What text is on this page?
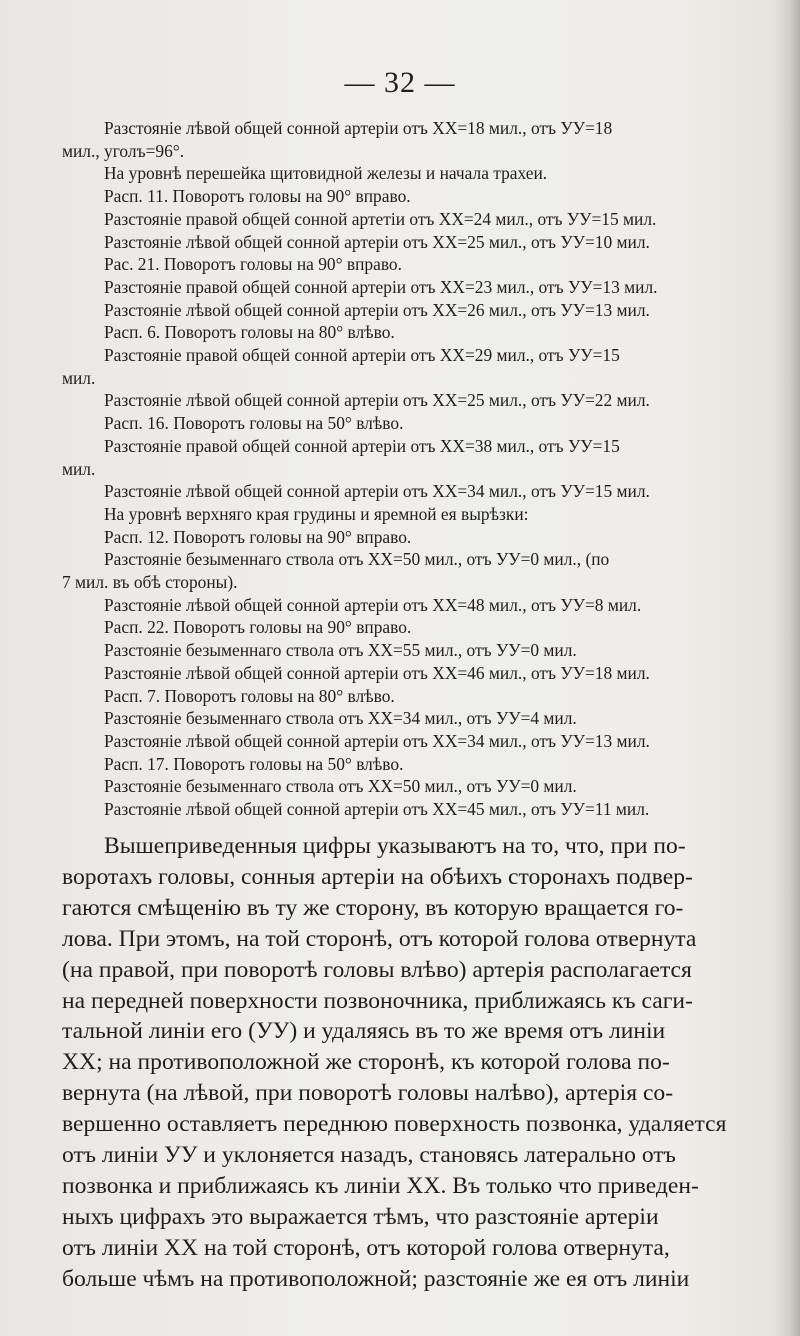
— 32 —
Разстояніе лѣвой общей сонной артеріи отъ XX=18 мил., отъ УУ=18
мил., уголъ=96°.
На уровнѣ перешейка щитовидной железы и начала трахеи.
Расп. 11. Поворотъ головы на 90° вправо.
Разстояніе правой общей сонной артетіи отъ XX=24 мил., отъ УУ=15 мил.
Разстояніе лѣвой общей сонной артеріи отъ XX=25 мил., отъ УУ=10 мил.
Рас. 21. Поворотъ головы на 90° вправо.
Разстояніе правой общей сонной артеріи отъ XX=23 мил., отъ УУ=13 мил.
Разстояніе лѣвой общей сонной артеріи отъ XX=26 мил., отъ УУ=13 мил.
Расп. 6. Поворотъ головы на 80° влѣво.
Разстояніе правой общей сонной артеріи отъ XX=29 мил., отъ УУ=15
мил.
Разстояніе лѣвой общей сонной артеріи отъ XX=25 мил., отъ УУ=22 мил.
Расп. 16. Поворотъ головы на 50° влѣво.
Разстояніе правой общей сонной артеріи отъ XX=38 мил., отъ УУ=15
мил.
Разстояніе лѣвой общей сонной артеріи отъ XX=34 мил., отъ УУ=15 мил.
На уровнѣ верхняго края грудины и яремной ея вырѣзки:
Расп. 12. Поворотъ головы на 90° вправо.
Разстояніе безыменнаго ствола отъ XX=50 мил., отъ УУ=0 мил., (по
7 мил. въ обѣ стороны).
Разстояніе лѣвой общей сонной артеріи отъ XX=48 мил., отъ УУ=8 мил.
Расп. 22. Поворотъ головы на 90° вправо.
Разстояніе безыменнаго ствола отъ XX=55 мил., отъ УУ=0 мил.
Разстояніе лѣвой общей сонной артеріи отъ XX=46 мил., отъ УУ=18 мил.
Расп. 7. Поворотъ головы на 80° влѣво.
Разстояніе безыменнаго ствола отъ XX=34 мил., отъ УУ=4 мил.
Разстояніе лѣвой общей сонной артеріи отъ XX=34 мил., отъ УУ=13 мил.
Расп. 17. Поворотъ головы на 50° влѣво.
Разстояніе безыменнаго ствола отъ XX=50 мил., отъ УУ=0 мил.
Разстояніе лѣвой общей сонной артеріи отъ XX=45 мил., отъ УУ=11 мил.
Вышеприведенныя цифры указываютъ на то, что, при по-
воротахъ головы, сонныя артеріи на обѣихъ сторонахъ подвер-
гаются смѣщенію въ ту же сторону, въ которую вращается го-
лова. При этомъ, на той сторонѣ, отъ которой голова отвернута
(на правой, при поворотѣ головы влѣво) артерія располагается
на передней поверхности позвоночника, приближаясь къ саги-
тальной линіи его (УУ) и удаляясь въ то же время отъ линіи
XX; на противоположной же сторонѣ, къ которой голова по-
вернута (на лѣвой, при поворотѣ головы налѣво), артерія со-
вершенно оставляетъ переднюю поверхность позвонка, удаляется
отъ линіи УУ и уклоняется назадъ, становясь латерально отъ
позвонка и приближаясь къ линіи XX. Въ только что приведен-
ныхъ цифрахъ это выражается тѣмъ, что разстояніе артеріи
отъ линіи XX на той сторонѣ, отъ которой голова отвернута,
больше чѣмъ на противоположной; разстояніе же ея отъ линіи
